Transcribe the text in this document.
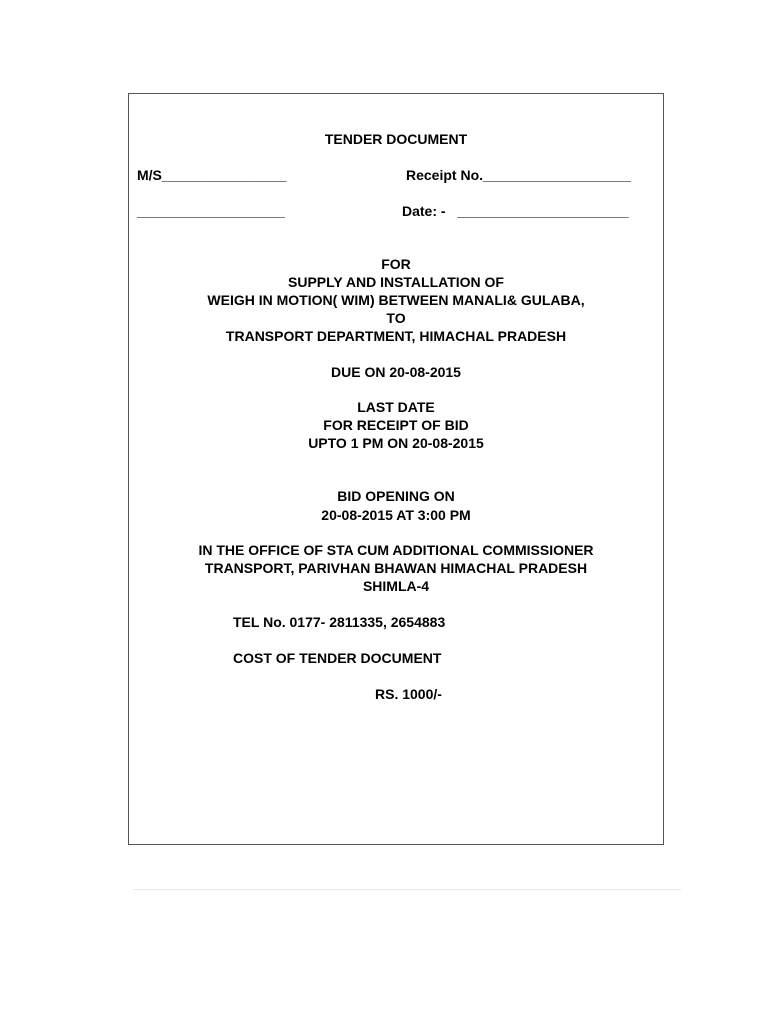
TENDER DOCUMENT
M/S________________	Receipt No.___________________
___________________	Date: -   ______________________
FOR
SUPPLY AND INSTALLATION OF
WEIGH IN MOTION( WIM) BETWEEN MANALI& GULABA,
TO
TRANSPORT DEPARTMENT, HIMACHAL PRADESH
DUE ON 20-08-2015
LAST DATE
FOR RECEIPT OF BID
UPTO 1 PM ON 20-08-2015
BID OPENING ON
20-08-2015 AT 3:00 PM
IN THE OFFICE OF STA CUM ADDITIONAL COMMISSIONER
TRANSPORT, PARIVHAN BHAWAN HIMACHAL PRADESH
SHIMLA-4
TEL No. 0177- 2811335, 2654883
COST OF TENDER DOCUMENT
RS. 1000/-
